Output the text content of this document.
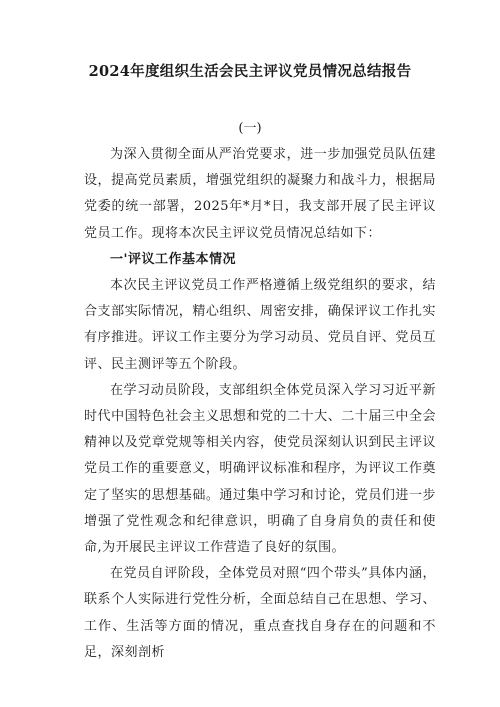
2024年度组织生活会民主评议党员情况总结报告
(一)

为深入贯彻全面从严治党要求，进一步加强党员队伍建设，提高党员素质，增强党组织的凝聚力和战斗力，根据局党委的统一部署，2025年*月*日，我支部开展了民主评议党员工作。现将本次民主评议党员情况总结如下：

一'评议工作基本情况

本次民主评议党员工作严格遵循上级党组织的要求，结合支部实际情况，精心组织、周密安排，确保评议工作扎实有序推进。评议工作主要分为学习动员、党员自评、党员互评、民主测评等五个阶段。

在学习动员阶段，支部组织全体党员深入学习习近平新时代中国特色社会主义思想和党的二十大、二十届三中全会精神以及党章党规等相关内容，使党员深刻认识到民主评议党员工作的重要意义，明确评议标准和程序，为评议工作奠定了坚实的思想基础。通过集中学习和讨论，党员们进一步增强了党性观念和纪律意识，明确了自身肩负的责任和使命,为开展民主评议工作营造了良好的氛围。

在党员自评阶段，全体党员对照“四个带头”具体内涵，联系个人实际进行党性分析，全面总结自己在思想、学习、工作、生活等方面的情况，重点查找自身存在的问题和不足，深刻剖析
